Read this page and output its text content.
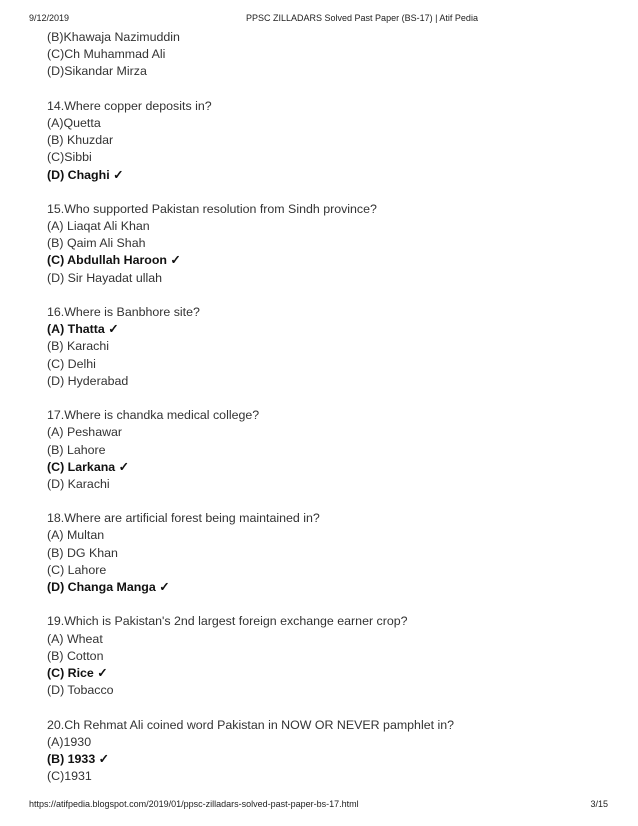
9/12/2019	PPSC ZILLADARS Solved Past Paper (BS-17) | Atif Pedia
(B)Khawaja Nazimuddin
(C)Ch Muhammad Ali
(D)Sikandar Mirza
14.Where copper deposits in?
(A)Quetta
(B) Khuzdar
(C)Sibbi
(D) Chaghi ✓
15.Who supported Pakistan resolution from Sindh province?
(A) Liaqat Ali Khan
(B) Qaim Ali Shah
(C) Abdullah Haroon ✓
(D) Sir Hayadat ullah
16.Where is Banbhore site?
(A) Thatta ✓
(B) Karachi
(C) Delhi
(D) Hyderabad
17.Where is chandka medical college?
(A) Peshawar
(B) Lahore
(C) Larkana ✓
(D) Karachi
18.Where are artificial forest being maintained in?
(A) Multan
(B) DG Khan
(C) Lahore
(D) Changa Manga ✓
19.Which is Pakistan's 2nd largest foreign exchange earner crop?
(A) Wheat
(B) Cotton
(C) Rice ✓
(D) Tobacco
20.Ch Rehmat Ali coined word Pakistan in NOW OR NEVER pamphlet in?
(A)1930
(B) 1933 ✓
(C)1931
https://atifpedia.blogspot.com/2019/01/ppsc-zilladars-solved-past-paper-bs-17.html	3/15
